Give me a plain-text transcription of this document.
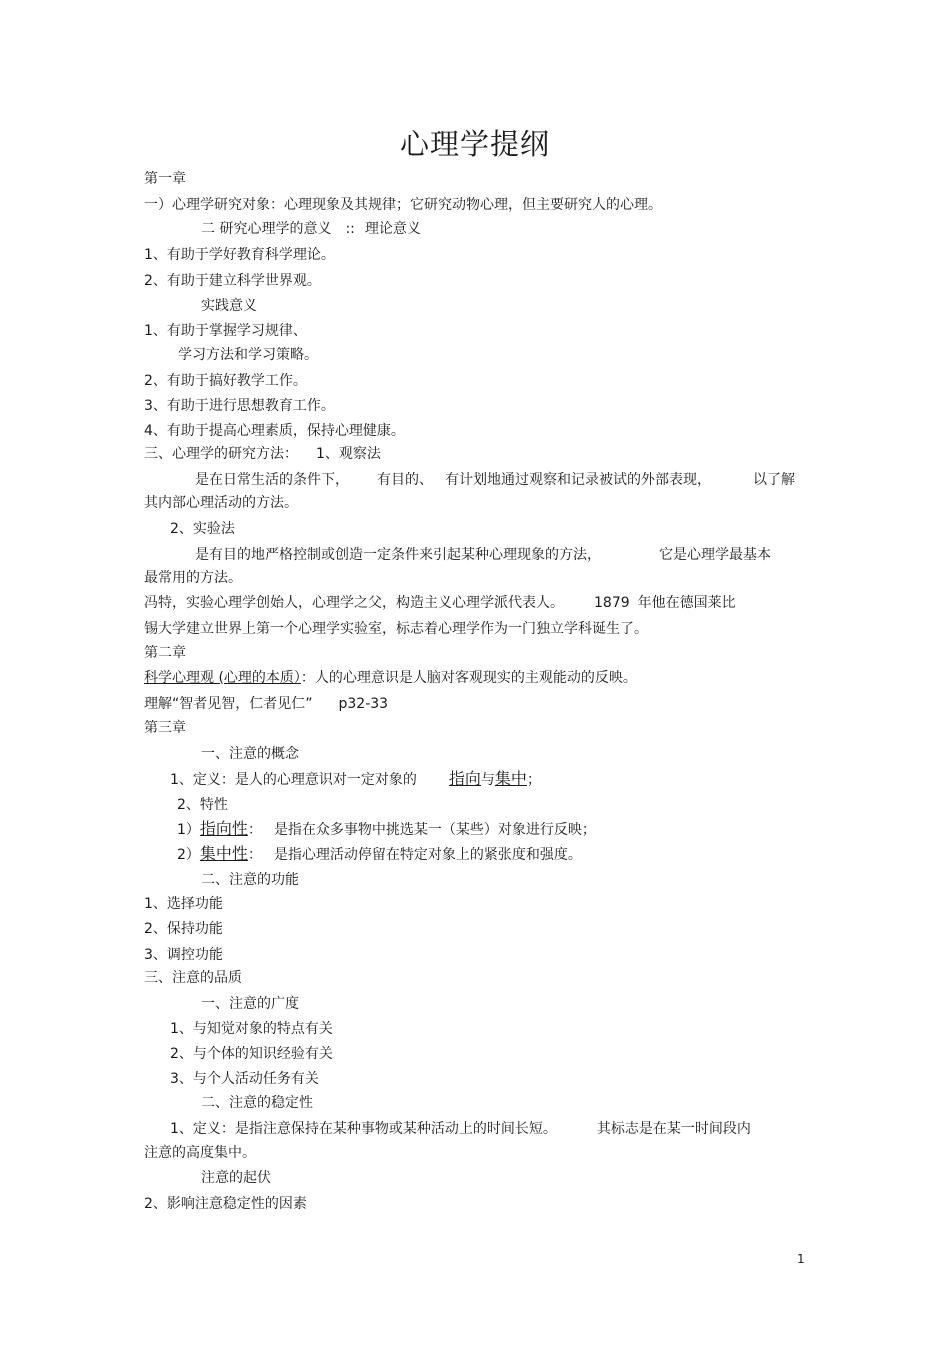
心理学提纲
第一章
一）心理学研究对象：心理现象及其规律；它研究动物心理，但主要研究人的心理。
二 研究心理学的意义 :: 理论意义
1、有助于学好教育科学理论。
2、有助于建立科学世界观。
实践意义
1、有助于掌握学习规律、
学习方法和学习策略。
2、有助于搞好教学工作。
3、有助于进行思想教育工作。
4、有助于提高心理素质，保持心理健康。
三、心理学的研究方法： 1、观察法
是在日常生活的条件下， 有目的、 有计划地通过观察和记录被试的外部表现，	以了解
其内部心理活动的方法。
2、实验法
是有目的地严格控制或创造一定条件来引起某种心理现象的方法，	它是心理学最基本
最常用的方法。
冯特，实验心理学创始人，心理学之父，构造主义心理学派代表人。 1879 年他在德国莱比
锡大学建立世界上第一个心理学实验室，标志着心理学作为一门独立学科诞生了。
第二章
科学心理观 (心理的本质）：人的心理意识是人脑对客观现实的主观能动的反映。
理解“智者见智，仁者见仁” p32-33
第三章
一、注意的概念
1、定义：是人的心理意识对一定对象的 指向与集中；
2、特性
1）指向性： 是指在众多事物中挑选某一（某些）对象进行反映；
2）集中性： 是指心理活动停留在特定对象上的紧张度和强度。
二、注意的功能
1、选择功能
2、保持功能
3、调控功能
三、注意的品质
一、注意的广度
1、与知觉对象的特点有关
2、与个体的知识经验有关
3、与个人活动任务有关
二、注意的稳定性
1、定义：是指注意保持在某种事物或某种活动上的时间长短。	其标志是在某一时间段内
注意的高度集中。
注意的起伏
2、影响注意稳定性的因素
1
